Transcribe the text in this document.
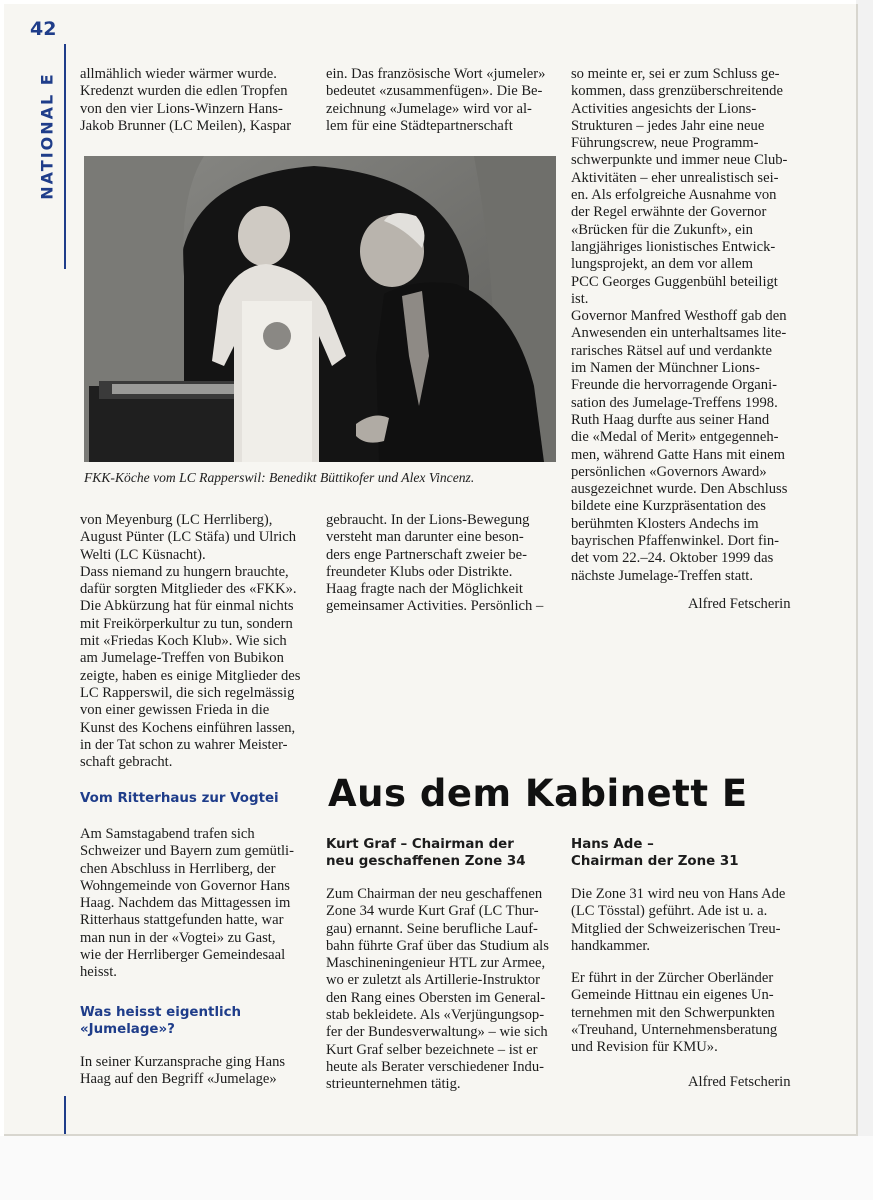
42
NATIONAL E allmählich wieder wärmer wurde.

Kredenzt wurden die edlen Tropfen

von den vier Lions-Winzern Hans-

Jakob Brunner (LC Meilen), Kaspar

ein. Das französische Wort «jumeler»

bedeutet «zusammenfügen». Die Be-

zeichnung «Jumelage» wird vor al-

lem für eine Städtepartnerschaft

so meinte er, sei er zum Schluss ge-

kommen, dass grenzüberschreitende

Activities angesichts der Lions-

Strukturen – jedes Jahr eine neue

Führungscrew, neue Programm-

schwerpunkte und immer neue Club-

Aktivitäten – eher unrealistisch sei-

en. Als erfolgreiche Ausnahme von

der Regel erwähnte der Governor

«Brücken für die Zukunft», ein

langjähriges lionistisches Entwick-

lungsprojekt, an dem vor allem

PCC Georges Guggenbühl beteiligt

ist.

Governor Manfred Westhoff gab den

Anwesenden ein unterhaltsames lite-

rarisches Rätsel auf und verdankte

im Namen der Münchner Lions-

Freunde die hervorragende Organi-

sation des Jumelage-Treffens 1998.

Ruth Haag durfte aus seiner Hand

die «Medal of Merit» entgegenneh-

men, während Gatte Hans mit einem

persönlichen «Governors Award»

ausgezeichnet wurde. Den Abschluss

bildete eine Kurzpräsentation des

berühmten Klosters Andechs im

bayrischen Pfaffenwinkel. Dort fin-

det vom 22.–24. Oktober 1999 das

nächste Jumelage-Treffen statt.

Alfred Fetscherin
FKK-Köche vom LC Rapperswil: Benedikt Büttikofer und Alex Vincenz.

von Meyenburg (LC Herrliberg),

August Pünter (LC Stäfa) und Ulrich

Welti (LC Küsnacht).

Dass niemand zu hungern brauchte,

dafür sorgten Mitglieder des «FKK».

Die Abkürzung hat für einmal nichts

mit Freikörperkultur zu tun, sondern

mit «Friedas Koch Klub». Wie sich

am Jumelage-Treffen von Bubikon

zeigte, haben es einige Mitglieder des

LC Rapperswil, die sich regelmässig

von einer gewissen Frieda in die

Kunst des Kochens einführen lassen,

in der Tat schon zu wahrer Meister-

schaft gebracht.

gebraucht. In der Lions-Bewegung

versteht man darunter eine beson-

ders enge Partnerschaft zweier be-

freundeter Klubs oder Distrikte.

Haag fragte nach der Möglichkeit

gemeinsamer Activities. Persönlich –

Vom Ritterhaus zur Vogtei

Am Samstagabend trafen sich

Schweizer und Bayern zum gemütli-

chen Abschluss in Herrliberg, der

Wohngemeinde von Governor Hans

Haag. Nachdem das Mittagessen im

Ritterhaus stattgefunden hatte, war

man nun in der «Vogtei» zu Gast,

wie der Herrliberger Gemeindesaal

heisst.

Was heisst eigentlich
«Jumelage»?

In seiner Kurzansprache ging Hans

Haag auf den Begriff «Jumelage»

Aus dem Kabinett E
Kurt Graf – Chairman der
neu geschaffenen Zone 34

Zum Chairman der neu geschaffenen

Zone 34 wurde Kurt Graf (LC Thur-

gau) ernannt. Seine berufliche Lauf-

bahn führte Graf über das Studium als

Maschineningenieur HTL zur Armee,

wo er zuletzt als Artillerie-Instruktor

den Rang eines Obersten im General-

stab bekleidete. Als «Verjüngungsop-

fer der Bundesverwaltung» – wie sich

Kurt Graf selber bezeichnete – ist er

heute als Berater verschiedener Indu-

strieunternehmen tätig.

Hans Ade –
Chairman der Zone 31

Die Zone 31 wird neu von Hans Ade

(LC Tösstal) geführt. Ade ist u. a.

Mitglied der Schweizerischen Treu-

handkammer.

Er führt in der Zürcher Oberländer

Gemeinde Hittnau ein eigenes Un-

ternehmen mit den Schwerpunkten

«Treuhand, Unternehmensberatung

und Revision für KMU».

Alfred Fetscherin
